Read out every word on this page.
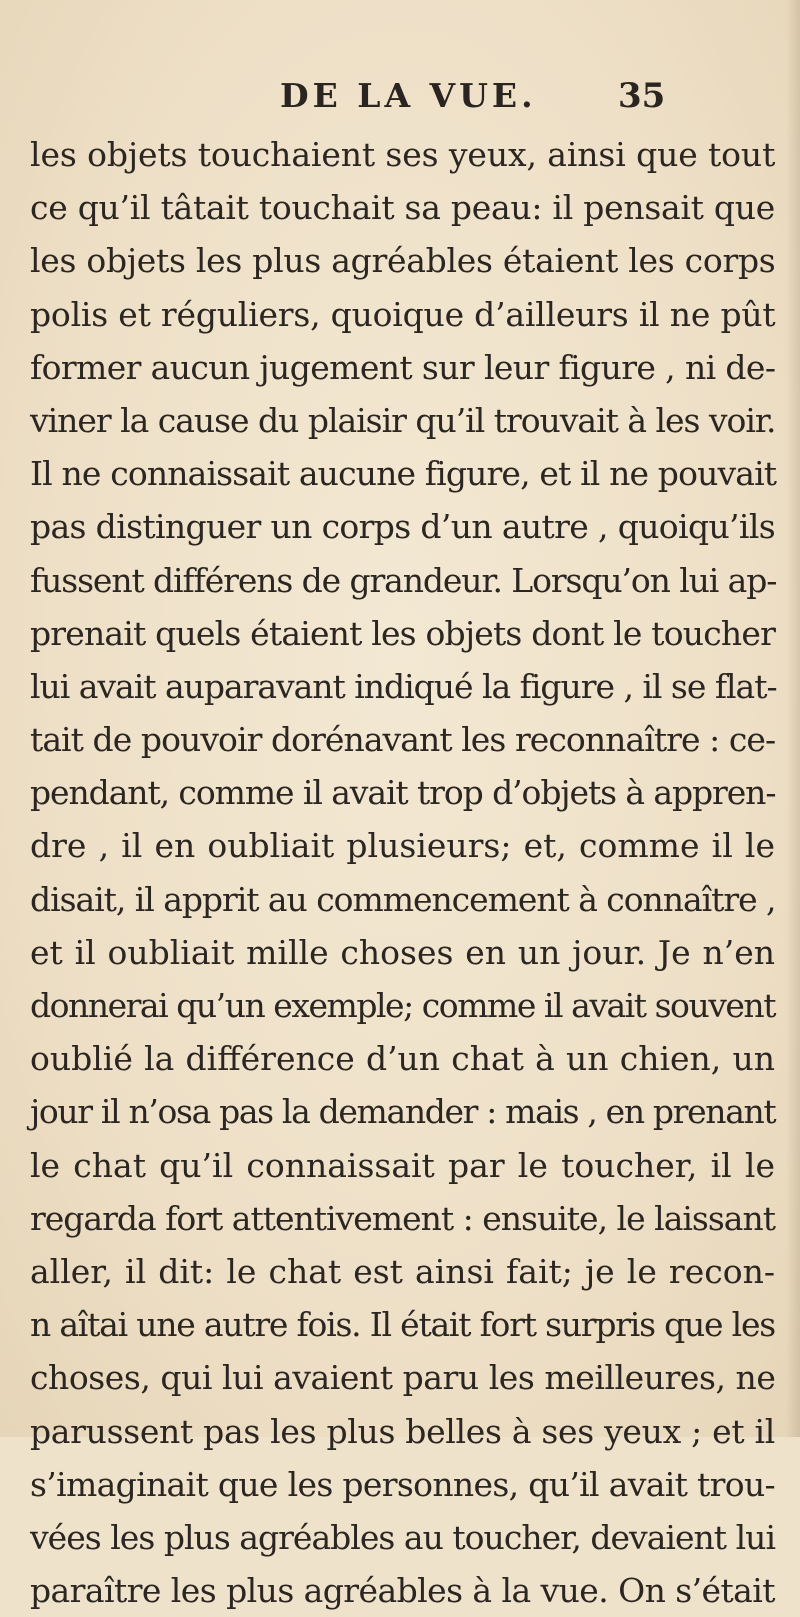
DE LA VUE. 35
les objets touchaient ses yeux, ainsi que tout
ce qu’il tâtait touchait sa peau: il pensait que
les objets les plus agréables étaient les corps
polis et réguliers, quoique d’ailleurs il ne pût
former aucun jugement sur leur figure , ni de-
viner la cause du plaisir qu’il trouvait à les voir.
Il ne connaissait aucune figure, et il ne pouvait
pas distinguer un corps d’un autre , quoiqu’ils
fussent différens de grandeur. Lorsqu’on lui ap-
prenait quels étaient les objets dont le toucher
lui avait auparavant indiqué la figure , il se flat-
tait de pouvoir dorénavant les reconnaître : ce-
pendant, comme il avait trop d’objets à appren-
dre , il en oubliait plusieurs; et, comme il le
disait, il apprit au commencement à connaître ,
et il oubliait mille choses en un jour. Je n’en
donnerai qu’un exemple; comme il avait souvent
oublié la différence d’un chat à un chien, un
jour il n’osa pas la demander : mais , en prenant
le chat qu’il connaissait par le toucher, il le
regarda fort attentivement : ensuite, le laissant
aller, il dit: le chat est ainsi fait; je le recon-
n aîtai une autre fois. Il était fort surpris que les
choses, qui lui avaient paru les meilleures, ne
parussent pas les plus belles à ses yeux ; et il
s’imaginait que les personnes, qu’il avait trou-
vées les plus agréables au toucher, devaient lui
paraître les plus agréables à la vue. On s’était
